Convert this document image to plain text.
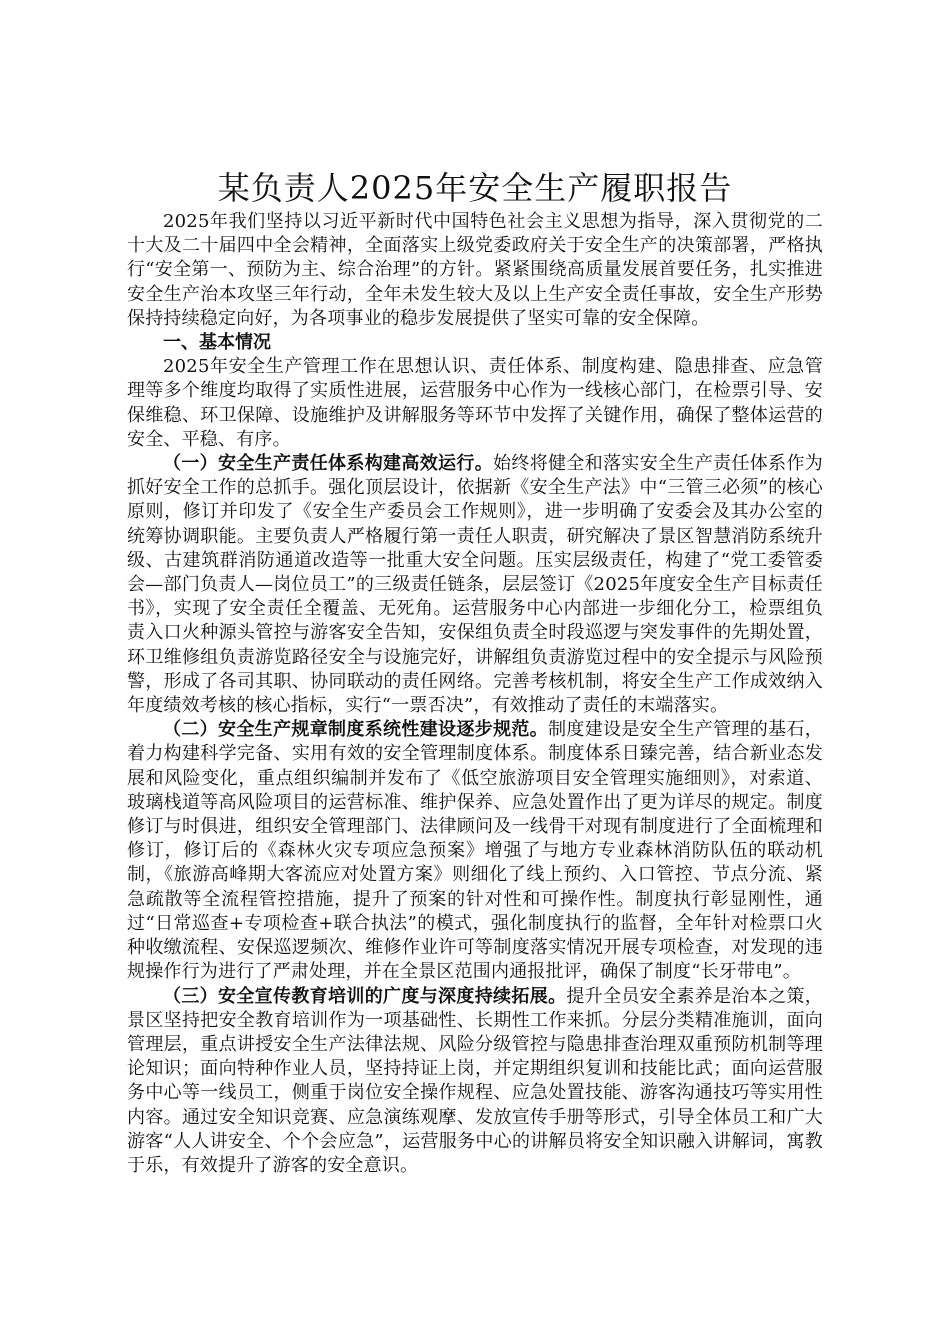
某负责人2025年安全生产履职报告

2025年我们坚持以习近平新时代中国特色社会主义思想为指导，深入贯彻党的二十大及二十届四中全会精神，全面落实上级党委政府关于安全生产的决策部署，严格执行“安全第一、预防为主、综合治理”的方针。紧紧围绕高质量发展首要任务，扎实推进安全生产治本攻坚三年行动，全年未发生较大及以上生产安全责任事故，安全生产形势保持持续稳定向好，为各项事业的稳步发展提供了坚实可靠的安全保障。

一、基本情况

2025年安全生产管理工作在思想认识、责任体系、制度构建、隐患排查、应急管理等多个维度均取得了实质性进展，运营服务中心作为一线核心部门，在检票引导、安保维稳、环卫保障、设施维护及讲解服务等环节中发挥了关键作用，确保了整体运营的安全、平稳、有序。

（一）安全生产责任体系构建高效运行。始终将健全和落实安全生产责任体系作为抓好安全工作的总抓手。强化顶层设计，依据新《安全生产法》中“三管三必须”的核心原则，修订并印发了《安全生产委员会工作规则》，进一步明确了安委会及其办公室的统筹协调职能。主要负责人严格履行第一责任人职责，研究解决了景区智慧消防系统升级、古建筑群消防通道改造等一批重大安全问题。压实层级责任，构建了“党工委管委会—部门负责人—岗位员工”的三级责任链条，层层签订《2025年度安全生产目标责任书》，实现了安全责任全覆盖、无死角。运营服务中心内部进一步细化分工，检票组负责入口火种源头管控与游客安全告知，安保组负责全时段巡逻与突发事件的先期处置，环卫维修组负责游览路径安全与设施完好，讲解组负责游览过程中的安全提示与风险预警，形成了各司其职、协同联动的责任网络。完善考核机制，将安全生产工作成效纳入年度绩效考核的核心指标，实行“一票否决”，有效推动了责任的末端落实。

（二）安全生产规章制度系统性建设逐步规范。制度建设是安全生产管理的基石，着力构建科学完备、实用有效的安全管理制度体系。制度体系日臻完善，结合新业态发展和风险变化，重点组织编制并发布了《低空旅游项目安全管理实施细则》，对索道、玻璃栈道等高风险项目的运营标准、维护保养、应急处置作出了更为详尽的规定。制度修订与时俱进，组织安全管理部门、法律顾问及一线骨干对现有制度进行了全面梳理和修订，修订后的《森林火灾专项应急预案》增强了与地方专业森林消防队伍的联动机制，《旅游高峰期大客流应对处置方案》则细化了线上预约、入口管控、节点分流、紧急疏散等全流程管控措施，提升了预案的针对性和可操作性。制度执行彰显刚性，通过“日常巡查+专项检查+联合执法”的模式，强化制度执行的监督，全年针对检票口火种收缴流程、安保巡逻频次、维修作业许可等制度落实情况开展专项检查，对发现的违规操作行为进行了严肃处理，并在全景区范围内通报批评，确保了制度“长牙带电”。

（三）安全宣传教育培训的广度与深度持续拓展。提升全员安全素养是治本之策，景区坚持把安全教育培训作为一项基础性、长期性工作来抓。分层分类精准施训，面向管理层，重点讲授安全生产法律法规、风险分级管控与隐患排查治理双重预防机制等理论知识；面向特种作业人员，坚持持证上岗，并定期组织复训和技能比武；面向运营服务中心等一线员工，侧重于岗位安全操作规程、应急处置技能、游客沟通技巧等实用性内容。通过安全知识竞赛、应急演练观摩、发放宣传手册等形式，引导全体员工和广大游客“人人讲安全、个个会应急”，运营服务中心的讲解员将安全知识融入讲解词，寓教于乐，有效提升了游客的安全意识。
